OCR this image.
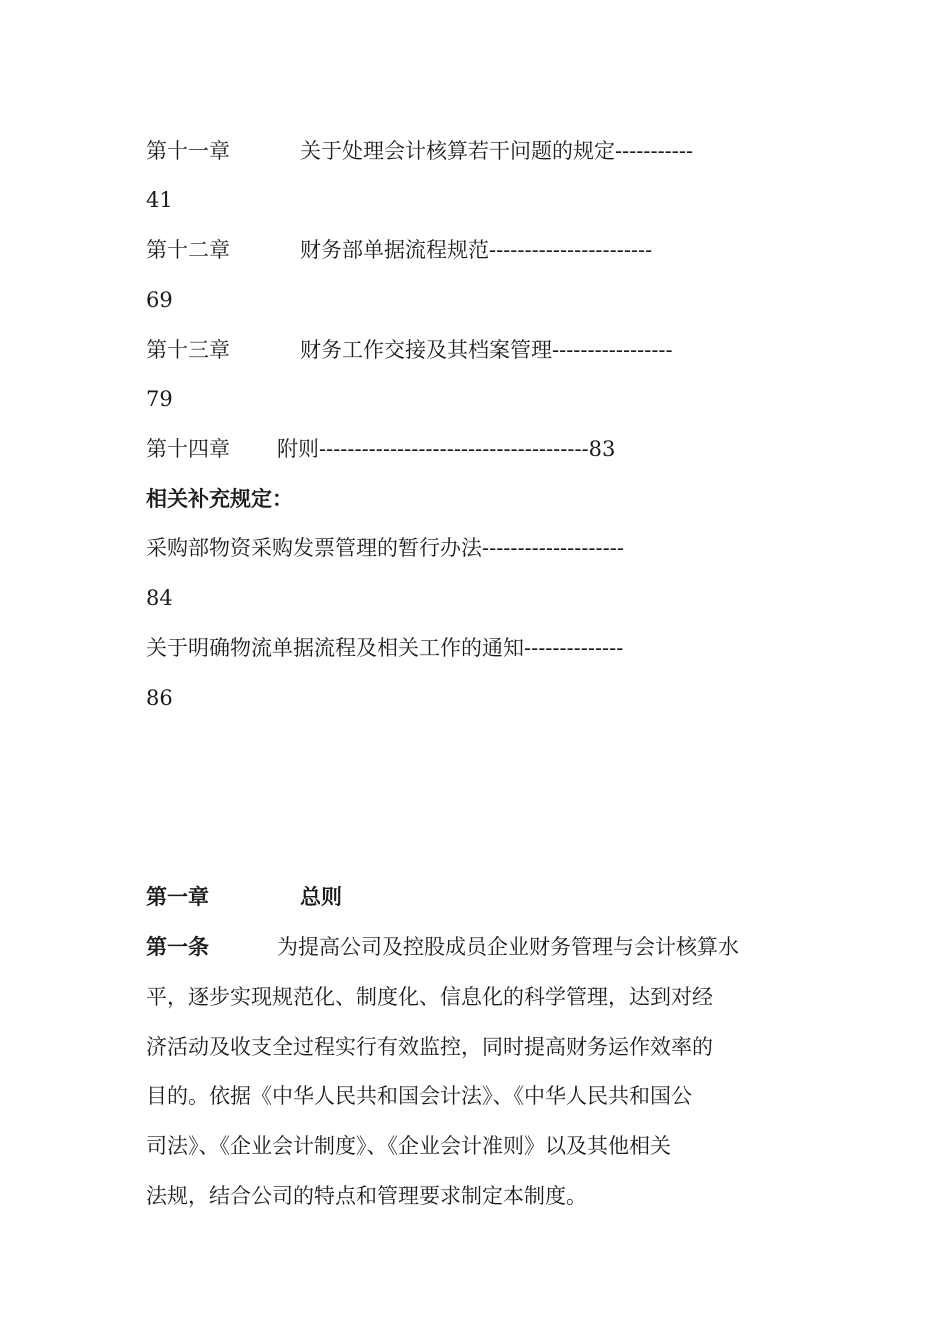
第十一章	关于处理会计核算若干问题的规定-----------
41
第十二章	财务部单据流程规范-----------------------
69
第十三章	财务工作交接及其档案管理-----------------
79
第十四章 附则--------------------------------------83
相关补充规定：
采购部物资采购发票管理的暂行办法--------------------
84
关于明确物流单据流程及相关工作的通知--------------
86
第一章	总则
第一条	为提高公司及控股成员企业财务管理与会计核算水
平，逐步实现规范化、制度化、信息化的科学管理，达到对经
济活动及收支全过程实行有效监控，同时提高财务运作效率的
目的。依据《中华人民共和国会计法》、《中华人民共和国公
司法》、《企业会计制度》、《企业会计准则》以及其他相关
法规，结合公司的特点和管理要求制定本制度。
